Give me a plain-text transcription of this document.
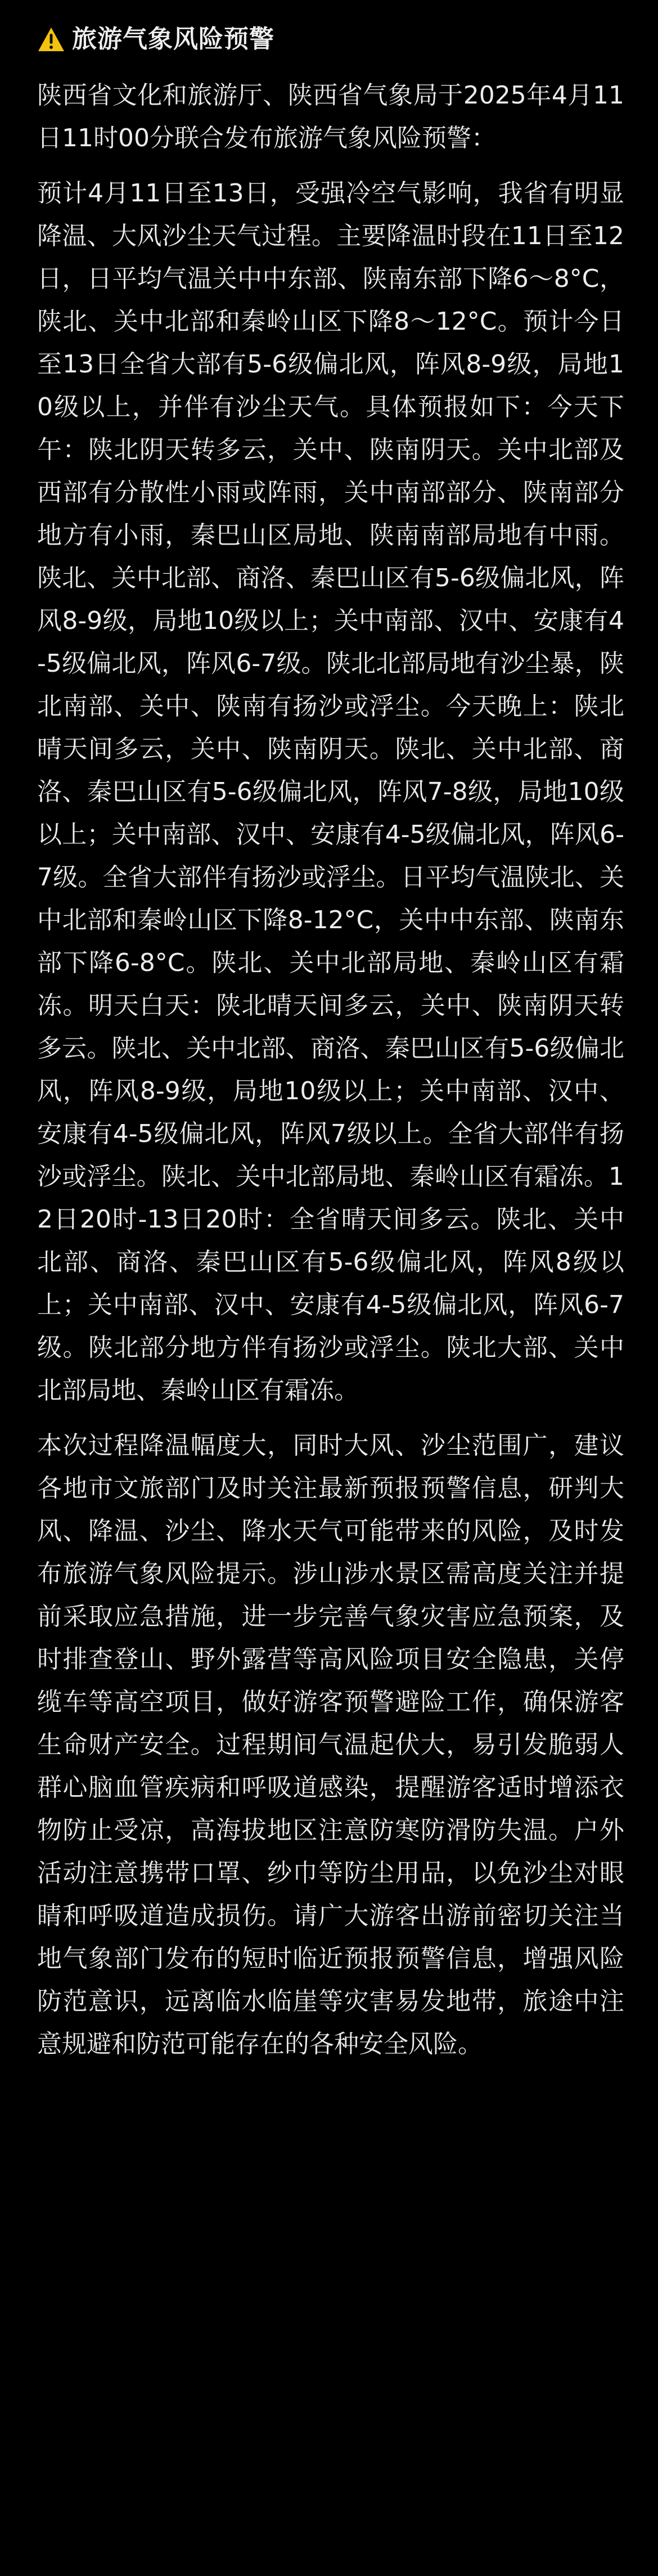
旅游气象风险预警

陕西省文化和旅游厅、陕西省气象局于2025年4月11日11时00分联合发布旅游气象风险预警：

预计4月11日至13日，受强冷空气影响，我省有明显降温、大风沙尘天气过程。主要降温时段在11日至12日，日平均气温关中中东部、陕南东部下降6～8°C，陕北、关中北部和秦岭山区下降8～12°C。预计今日至13日全省大部有5-6级偏北风，阵风8-9级，局地10级以上，并伴有沙尘天气。具体预报如下：今天下午：陕北阴天转多云，关中、陕南阴天。关中北部及西部有分散性小雨或阵雨，关中南部部分、陕南部分地方有小雨，秦巴山区局地、陕南南部局地有中雨。陕北、关中北部、商洛、秦巴山区有5-6级偏北风，阵风8-9级，局地10级以上；关中南部、汉中、安康有4-5级偏北风，阵风6-7级。陕北北部局地有沙尘暴，陕北南部、关中、陕南有扬沙或浮尘。今天晚上：陕北晴天间多云，关中、陕南阴天。陕北、关中北部、商洛、秦巴山区有5-6级偏北风，阵风7-8级，局地10级以上；关中南部、汉中、安康有4-5级偏北风，阵风6-7级。全省大部伴有扬沙或浮尘。日平均气温陕北、关中北部和秦岭山区下降8-12°C，关中中东部、陕南东部下降6-8°C。陕北、关中北部局地、秦岭山区有霜冻。明天白天：陕北晴天间多云，关中、陕南阴天转多云。陕北、关中北部、商洛、秦巴山区有5-6级偏北风，阵风8-9级，局地10级以上；关中南部、汉中、安康有4-5级偏北风，阵风7级以上。全省大部伴有扬沙或浮尘。陕北、关中北部局地、秦岭山区有霜冻。12日20时-13日20时：全省晴天间多云。陕北、关中北部、商洛、秦巴山区有5-6级偏北风，阵风8级以上；关中南部、汉中、安康有4-5级偏北风，阵风6-7级。陕北部分地方伴有扬沙或浮尘。陕北大部、关中北部局地、秦岭山区有霜冻。

本次过程降温幅度大，同时大风、沙尘范围广，建议各地市文旅部门及时关注最新预报预警信息，研判大风、降温、沙尘、降水天气可能带来的风险，及时发布旅游气象风险提示。涉山涉水景区需高度关注并提前采取应急措施，进一步完善气象灾害应急预案，及时排查登山、野外露营等高风险项目安全隐患，关停缆车等高空项目，做好游客预警避险工作，确保游客生命财产安全。过程期间气温起伏大，易引发脆弱人群心脑血管疾病和呼吸道感染，提醒游客适时增添衣物防止受凉，高海拔地区注意防寒防滑防失温。户外活动注意携带口罩、纱巾等防尘用品，以免沙尘对眼睛和呼吸道造成损伤。请广大游客出游前密切关注当地气象部门发布的短时临近预报预警信息，增强风险防范意识，远离临水临崖等灾害易发地带，旅途中注意规避和防范可能存在的各种安全风险。
